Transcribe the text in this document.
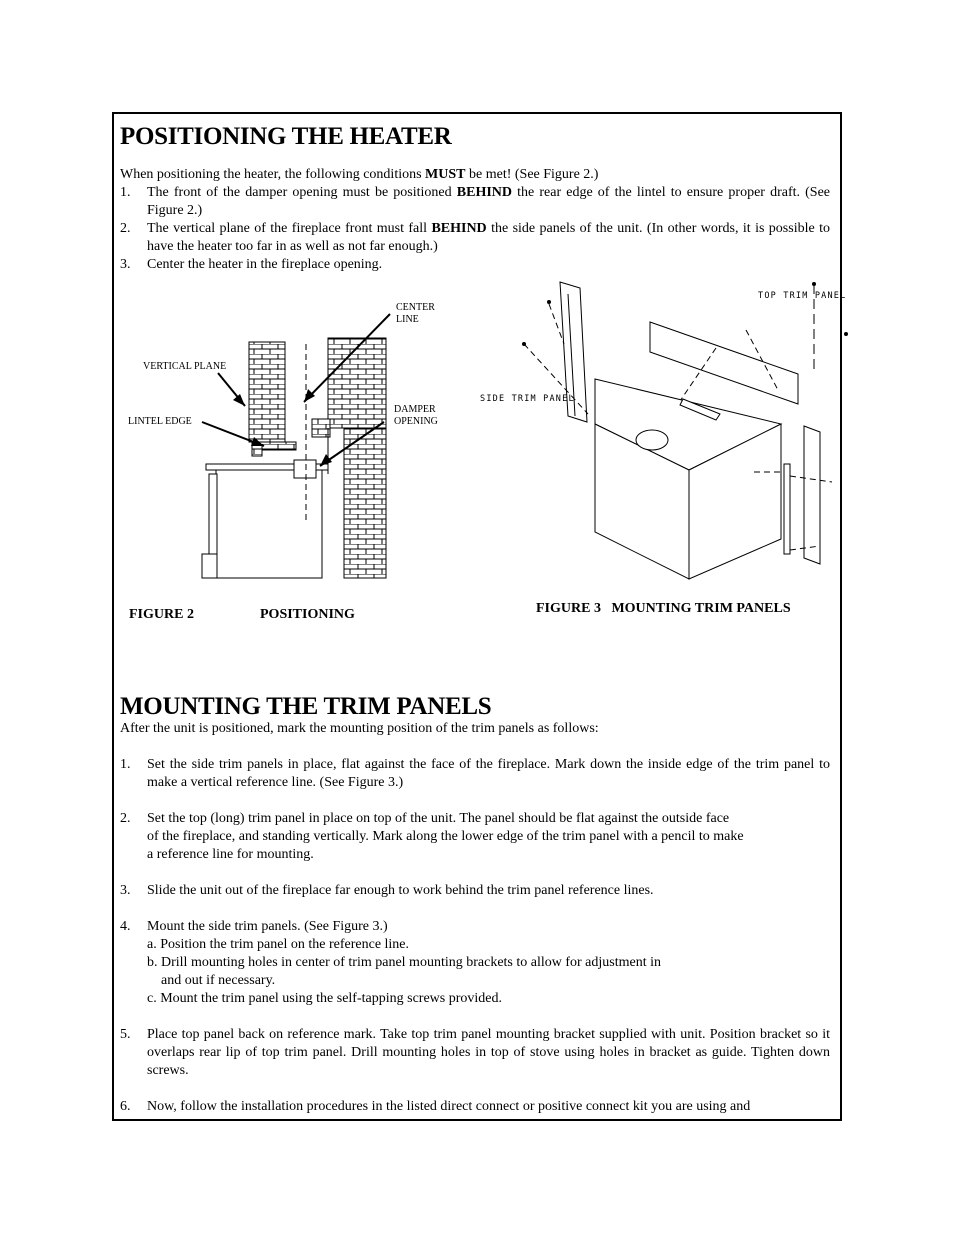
POSITIONING THE HEATER
When positioning the heater, the following conditions MUST be met! (See Figure 2.)
1. The front of the damper opening must be positioned BEHIND the rear edge of the lintel to ensure proper draft. (See Figure 2.)
2. The vertical plane of the fireplace front must fall BEHIND the side panels of the unit. (In other words, it is possible to have the heater too far in as well as not far enough.)
3. Center the heater in the fireplace opening.
CENTER
LINE
VERTICAL PLANE
LINTEL EDGE
DAMPER
OPENING
FIGURE 2	POSITIONING
TOP TRIM PANEL
SIDE TRIM PANEL
FIGURE 3   MOUNTING TRIM PANELS
MOUNTING THE TRIM PANELS
After the unit is positioned, mark the mounting position of the trim panels as follows:
1. Set the side trim panels in place, flat against the face of the fireplace. Mark down the inside edge of the trim panel to make a vertical reference line. (See Figure 3.)
2. Set the top (long) trim panel in place on top of the unit. The panel should be flat against the outside face
of the fireplace, and standing vertically. Mark along the lower edge of the trim panel with a pencil to make
a reference line for mounting.
3. Slide the unit out of the fireplace far enough to work behind the trim panel reference lines.
4. Mount the side trim panels. (See Figure 3.)
a. Position the trim panel on the reference line.
b. Drill mounting holes in center of trim panel mounting brackets to allow for adjustment in
and out if necessary.
c. Mount the trim panel using the self-tapping screws provided.
5. Place top panel back on reference mark. Take top trim panel mounting bracket supplied with unit. Position bracket so it overlaps rear lip of top trim panel. Drill mounting holes in top of stove using holes in bracket as guide. Tighten down screws.
6. Now, follow the installation procedures in the listed direct connect or positive connect kit you are using and
